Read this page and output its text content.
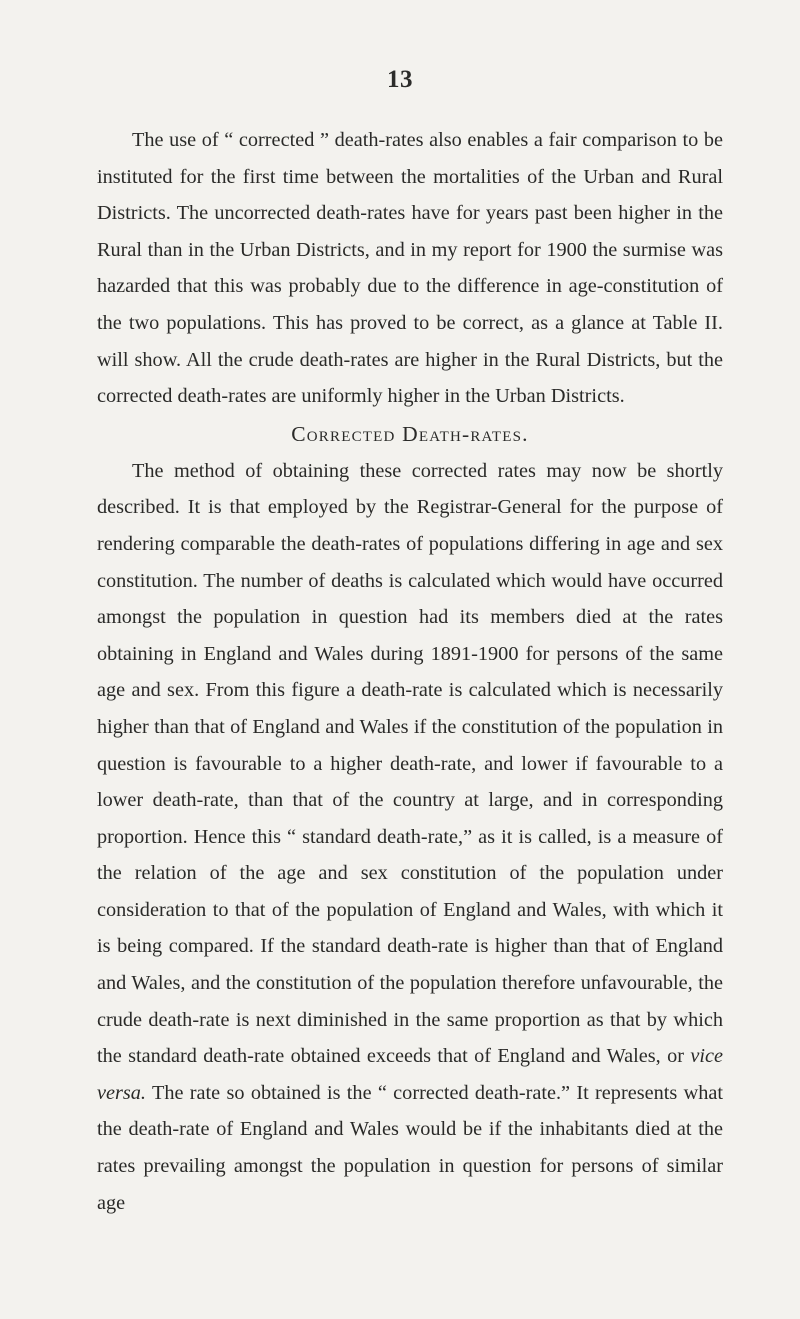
13

The use of “ corrected ” death-rates also enables a fair comparison to be instituted for the first time between the mortalities of the Urban and Rural Districts. The uncorrected death-rates have for years past been higher in the Rural than in the Urban Districts, and in my report for 1900 the surmise was hazarded that this was probably due to the difference in age-constitution of the two populations. This has proved to be correct, as a glance at Table II. will show. All the crude death-rates are higher in the Rural Districts, but the corrected death-rates are uniformly higher in the Urban Districts.

Corrected Death-rates.

The method of obtaining these corrected rates may now be shortly described. It is that employed by the Registrar-General for the purpose of rendering comparable the death-rates of populations differing in age and sex constitution. The number of deaths is calculated which would have occurred amongst the population in question had its members died at the rates obtaining in England and Wales during 1891-1900 for persons of the same age and sex. From this figure a death-rate is calculated which is necessarily higher than that of England and Wales if the constitution of the population in question is favourable to a higher death-rate, and lower if favourable to a lower death-rate, than that of the country at large, and in corresponding proportion. Hence this “ standard death-rate,” as it is called, is a measure of the relation of the age and sex constitution of the population under consideration to that of the population of England and Wales, with which it is being compared. If the standard death-rate is higher than that of England and Wales, and the constitution of the population therefore unfavourable, the crude death-rate is next diminished in the same proportion as that by which the standard death-rate obtained exceeds that of England and Wales, or vice versa. The rate so obtained is the “ corrected death-rate.” It represents what the death-rate of England and Wales would be if the inhabitants died at the rates prevailing amongst the population in question for persons of similar age
